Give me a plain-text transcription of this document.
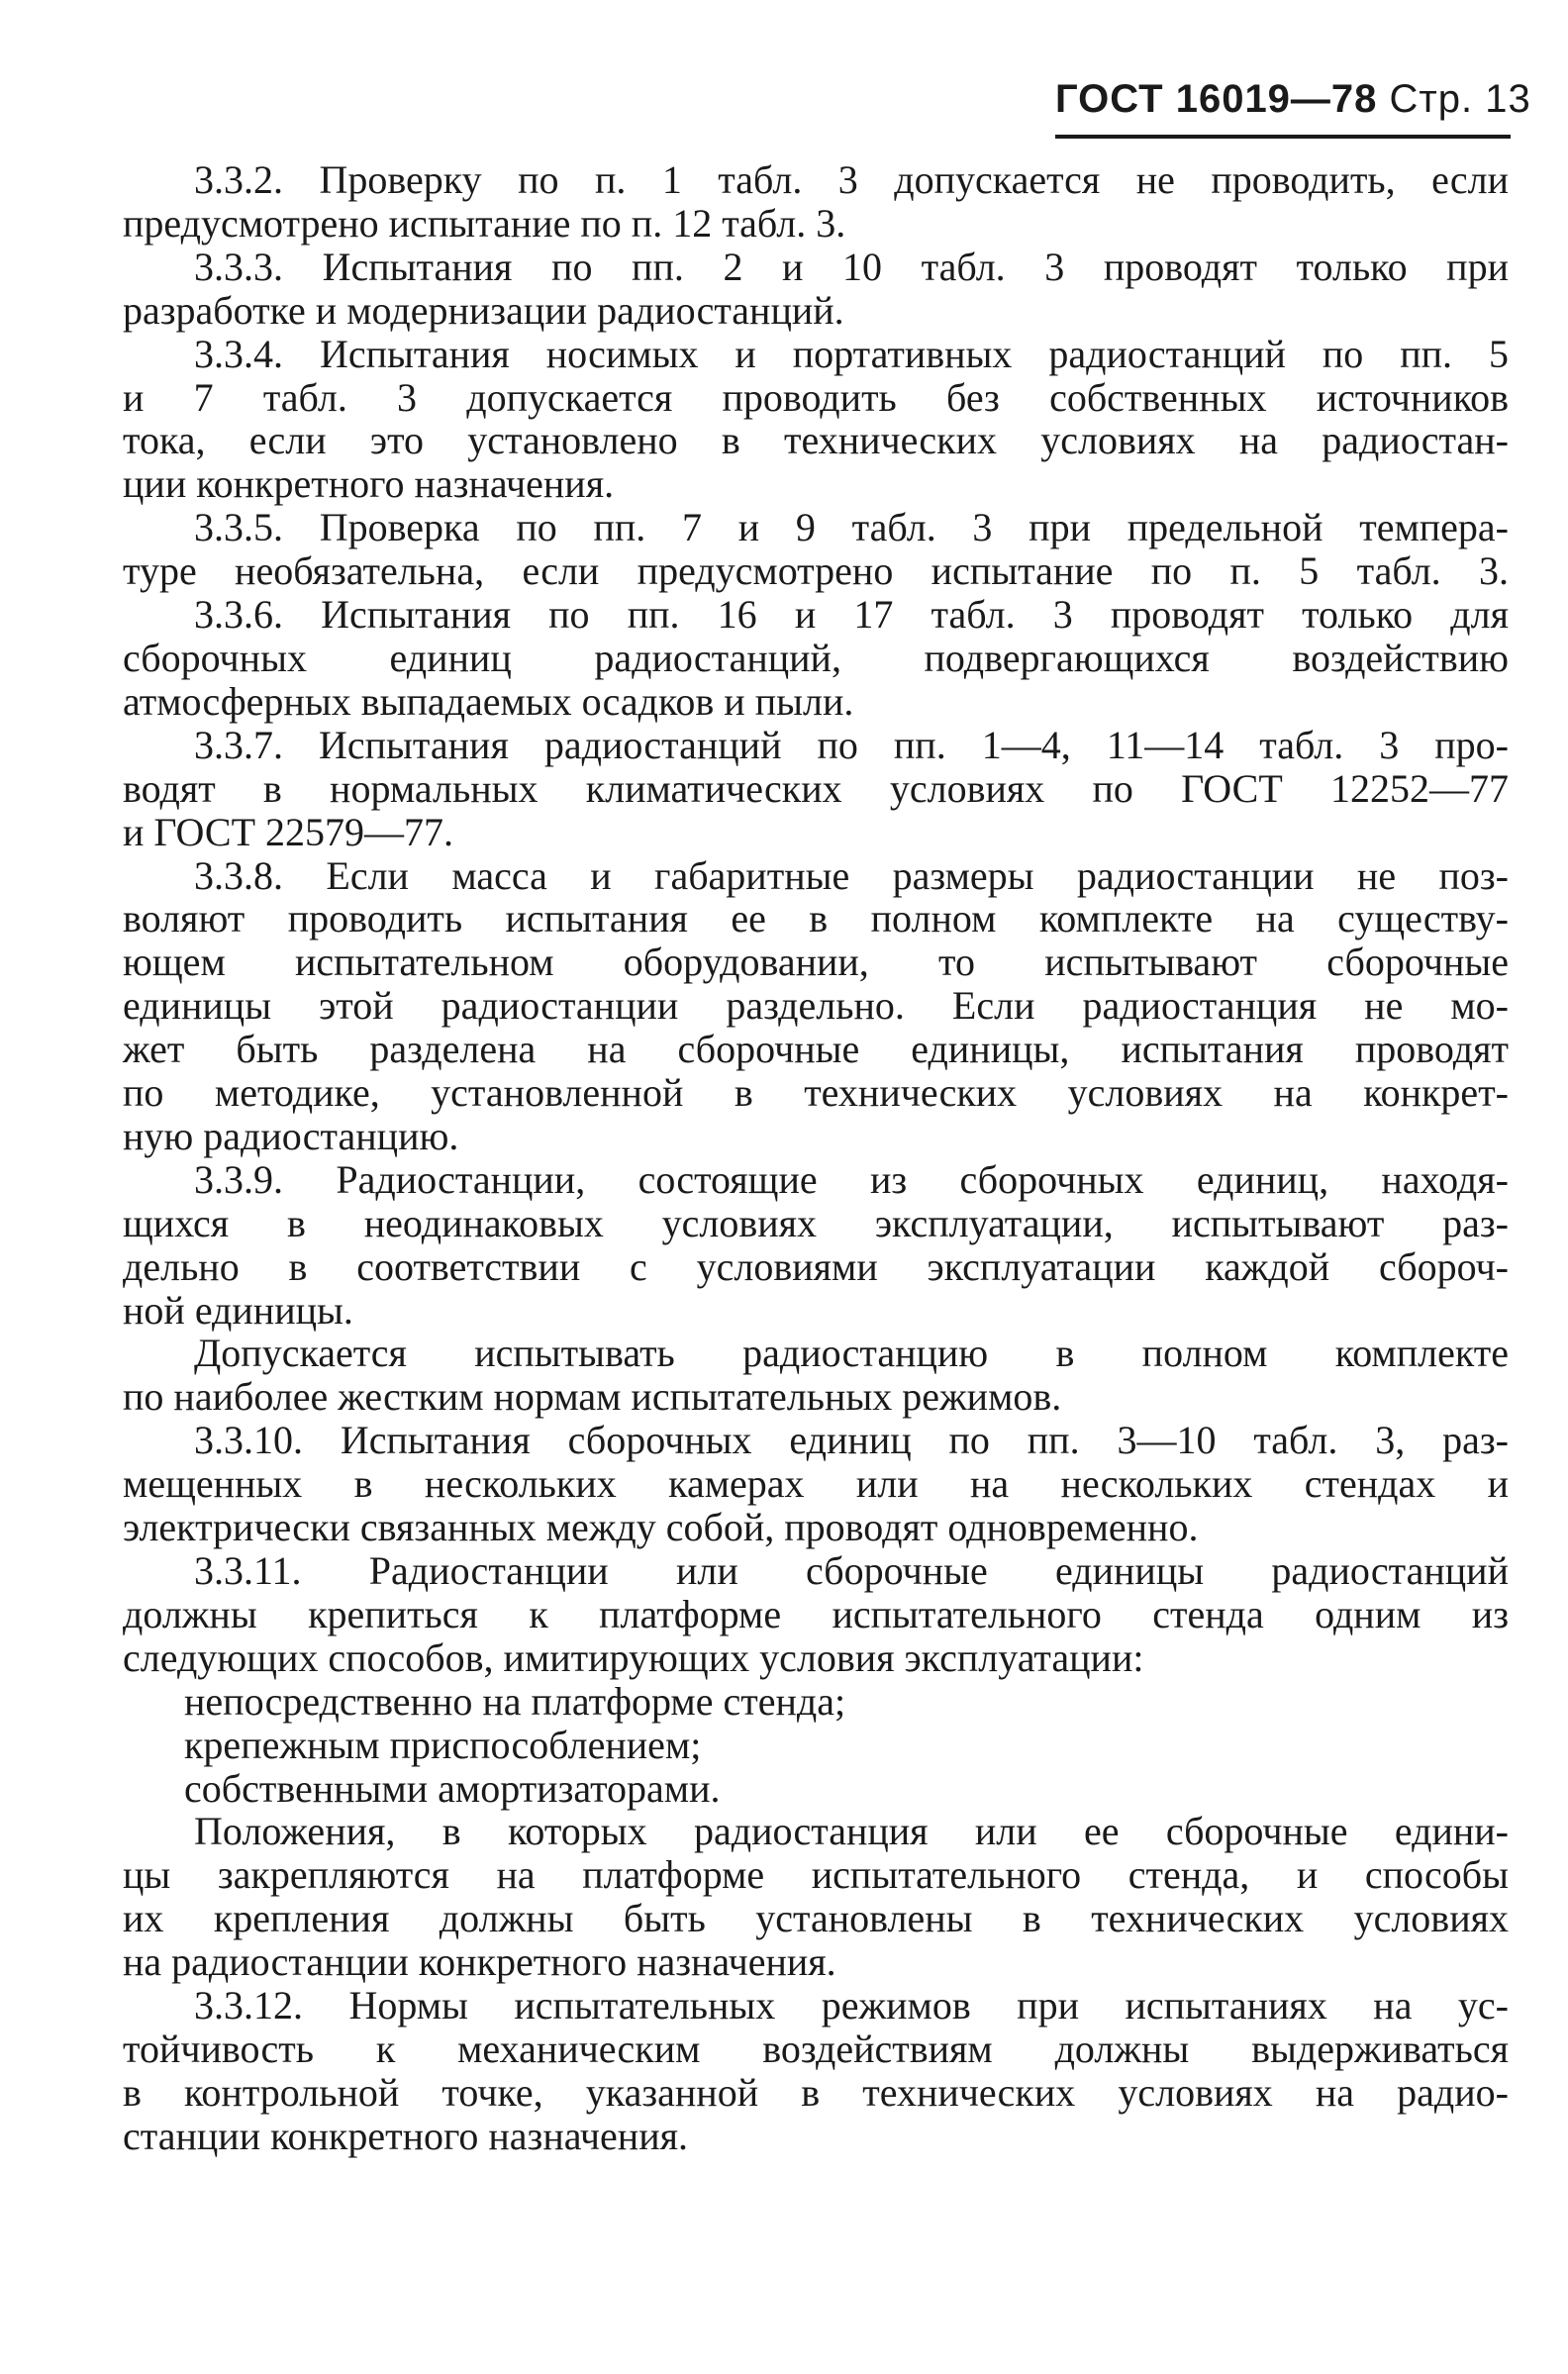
ГОСТ 16019—78 Стр. 13
3.3.2. Проверку по п. 1 табл. 3 допускается не проводить, если
предусмотрено испытание по п. 12 табл. 3.
3.3.3. Испытания по пп. 2 и 10 табл. 3 проводят только при
разработке и модернизации радиостанций.
3.3.4. Испытания носимых и портативных радиостанций по пп. 5
и 7 табл. 3 допускается проводить без собственных источников
тока, если это установлено в технических условиях на радиостан-
ции конкретного назначения.
3.3.5. Проверка по пп. 7 и 9 табл. 3 при предельной темпера-
туре необязательна, если предусмотрено испытание по п. 5 табл. 3.
3.3.6. Испытания по пп. 16 и 17 табл. 3 проводят только для
сборочных единиц радиостанций, подвергающихся воздействию
атмосферных выпадаемых осадков и пыли.
3.3.7. Испытания радиостанций по пп. 1—4, 11—14 табл. 3 про-
водят в нормальных климатических условиях по ГОСТ 12252—77
и ГОСТ 22579—77.
3.3.8. Если масса и габаритные размеры радиостанции не поз-
воляют проводить испытания ее в полном комплекте на существу-
ющем испытательном оборудовании, то испытывают сборочные
единицы этой радиостанции раздельно. Если радиостанция не мо-
жет быть разделена на сборочные единицы, испытания проводят
по методике, установленной в технических условиях на конкрет-
ную радиостанцию.
3.3.9. Радиостанции, состоящие из сборочных единиц, находя-
щихся в неодинаковых условиях эксплуатации, испытывают раз-
дельно в соответствии с условиями эксплуатации каждой сбороч-
ной единицы.
Допускается испытывать радиостанцию в полном комплекте
по наиболее жестким нормам испытательных режимов.
3.3.10. Испытания сборочных единиц по пп. 3—10 табл. 3, раз-
мещенных в нескольких камерах или на нескольких стендах и
электрически связанных между собой, проводят одновременно.
3.3.11. Радиостанции или сборочные единицы радиостанций
должны крепиться к платформе испытательного стенда одним из
следующих способов, имитирующих условия эксплуатации:
непосредственно на платформе стенда;
крепежным приспособлением;
собственными амортизаторами.
Положения, в которых радиостанция или ее сборочные едини-
цы закрепляются на платформе испытательного стенда, и способы
их крепления должны быть установлены в технических условиях
на радиостанции конкретного назначения.
3.3.12. Нормы испытательных режимов при испытаниях на ус-
тойчивость к механическим воздействиям должны выдерживаться
в контрольной точке, указанной в технических условиях на радио-
станции конкретного назначения.
